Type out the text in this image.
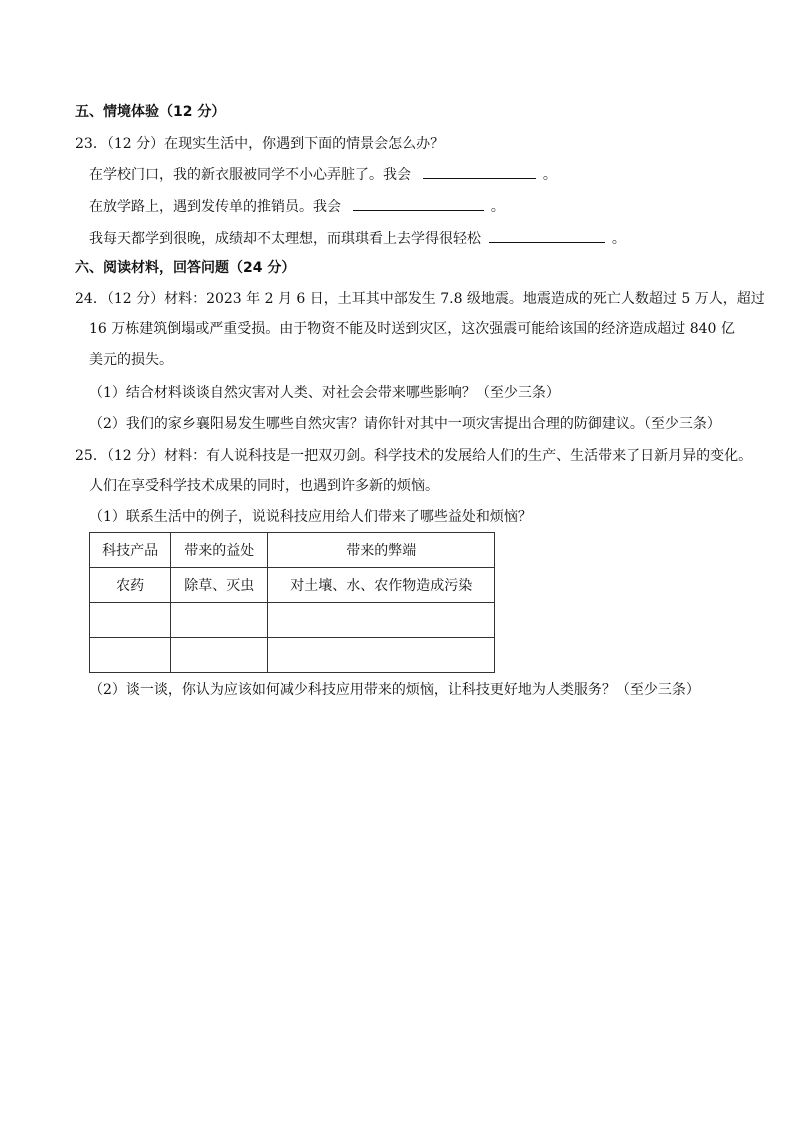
五、情境体验（12 分）
23．（12 分）在现实生活中，你遇到下面的情景会怎么办？
在学校门口，我的新衣服被同学不小心弄脏了。我会	。
在放学路上，遇到发传单的推销员。我会	。
我每天都学到很晚，成绩却不太理想，而琪琪看上去学得很轻松	。
六、阅读材料，回答问题（24 分）
24．（12 分）材料：2023 年 2 月 6 日，土耳其中部发生 7.8 级地震。地震造成的死亡人数超过 5 万人，超过
16 万栋建筑倒塌或严重受损。由于物资不能及时送到灾区，这次强震可能给该国的经济造成超过 840 亿
美元的损失。
（1）结合材料谈谈自然灾害对人类、对社会会带来哪些影响？（至少三条）
（2）我们的家乡襄阳易发生哪些自然灾害？请你针对其中一项灾害提出合理的防御建议。（至少三条）
25．（12 分）材料：有人说科技是一把双刃剑。科学技术的发展给人们的生产、生活带来了日新月异的变化。
人们在享受科学技术成果的同时，也遇到许多新的烦恼。
（1）联系生活中的例子，说说科技应用给人们带来了哪些益处和烦恼？
科技产品	带来的益处	带来的弊端
农药	除草、灭虫	对土壤、水、农作物造成污染

（2）谈一谈，你认为应该如何减少科技应用带来的烦恼，让科技更好地为人类服务？（至少三条）
